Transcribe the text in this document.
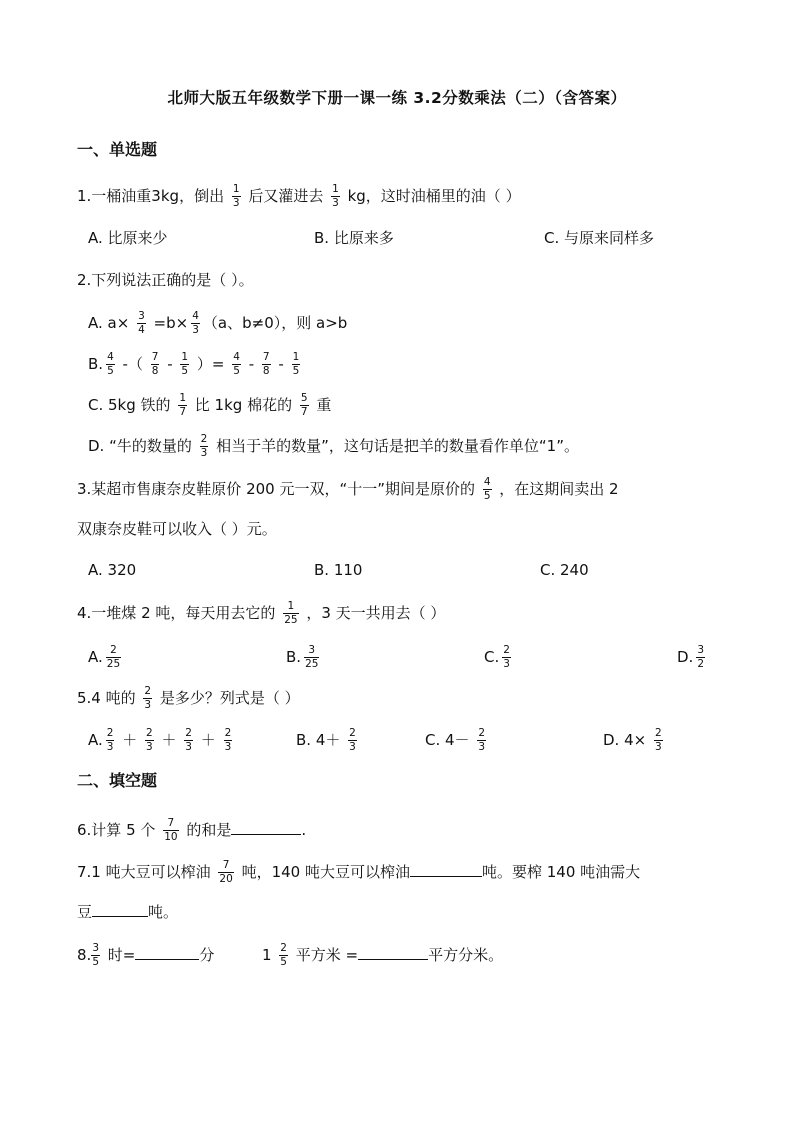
北师大版五年级数学下册一课一练 3.2分数乘法（二）（含答案）
一、单选题
1.一桶油重3kg，倒出 $\frac{1}{3}$ 后又灌进去 $\frac{1}{3}$ kg，这时油桶里的油（ ）
A. 比原来少	B. 比原来多	C. 与原来同样多
2.下列说法正确的是（ ）。
A. $a\times \frac{3}{4} =b\times \frac{4}{3} (a$、b≠0），则 a>b
B. $\frac{4}{5}$ -（ $\frac{7}{8} - \frac{1}{5}$ ）= $\frac{4}{5} - \frac{7}{8} - \frac{1}{5}$
C. 5kg 铁的 $\frac{1}{7}$ 比 1kg 棉花的 $\frac{5}{7}$ 重
D. “牛的数量的 $\frac{2}{3}$ 相当于羊的数量”，这句话是把羊的数量看作单位“1”。
3.某超市售康奈皮鞋原价 200 元一双，“十一”期间是原价的 $\frac{4}{5}$ ，在这期间卖出 2
双康奈皮鞋可以收入（ ）元。
A. 320	B. 110	C. 240
4.一堆煤 2 吨，每天用去它的 $\frac{1}{25}$ ，3 天一共用去（ ）
A. $\frac{2}{25}$	B. $\frac{3}{25}$	C. $\frac{2}{3}$	D. $\frac{3}{2}$
5.4 吨的 $\frac{2}{3}$ 是多少？列式是（ ）
A. $\frac{2}{3} + \frac{2}{3} + \frac{2}{3} + \frac{2}{3}$	B. $4+ \frac{2}{3}$	C. $4- \frac{2}{3}$	D. $4\times \frac{2}{3}$
二、填空题
6.计算 5 个 $\frac{7}{10}$ 的和是	.
7.1 吨大豆可以榨油 $\frac{7}{20}$ 吨，140 吨大豆可以榨油	吨。要榨 140 吨油需大
豆	吨。
8. $\frac{3}{5}$ 时=	分	$1 \frac{2}{5}$ 平方米 =	平方分米。
